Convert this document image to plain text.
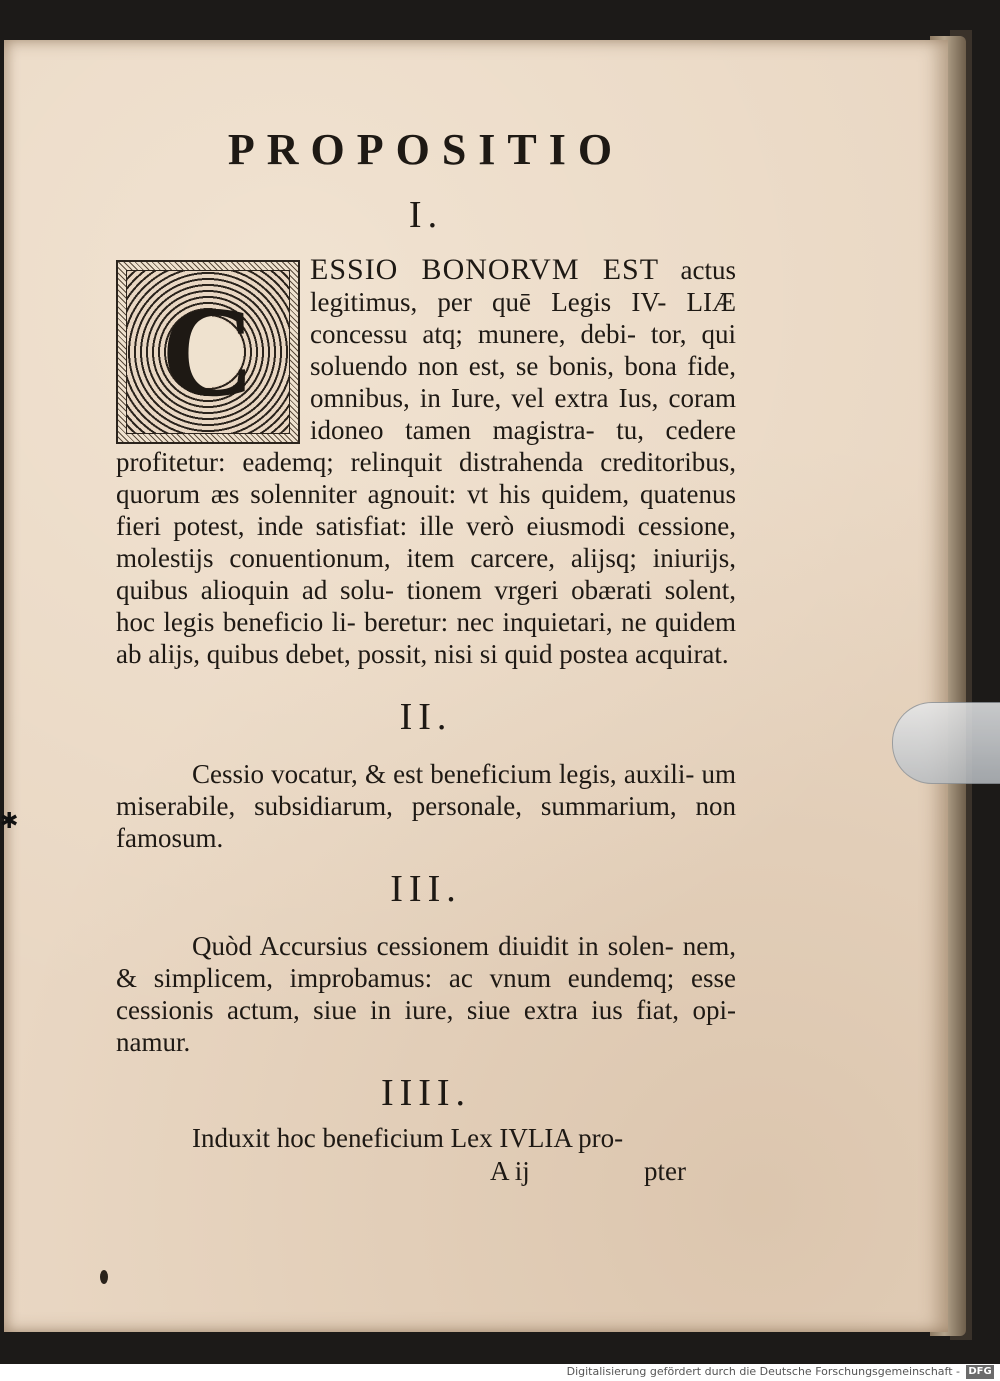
PROPOSITIO

I.

C

ESSIO BONORVM EST actus legitimus, per quē Legis IV- LIÆ concessu atq; munere, debi- tor, qui soluendo non est, se bonis, bona fide, omnibus, in Iure, vel extra Ius, coram idoneo tamen magistra- tu, cedere profitetur: eademq; relinquit distrahenda creditoribus, quorum æs solenniter agnouit: vt his quidem, quatenus fieri potest, inde satisfiat: ille verò eiusmodi cessione, molestijs conuentionum, item carcere, alijsq; iniurijs, quibus alioquin ad solu- tionem vrgeri obærati solent, hoc legis beneficio li- beretur: nec inquietari, ne quidem ab alijs, quibus debet, possit, nisi si quid postea acquirat.

II.

Cessio vocatur, & est beneficium legis, auxili- um miserabile, subsidiarum, personale, summarium, non famosum.

III.

Quòd Accursius cessionem diuidit in solen- nem, & simplicem, improbamus: ac vnum eundemq; esse cessionis actum, siue in iure, siue extra ius fiat, opi- namur.

IIII.

Induxit hoc beneficium Lex IVLIA pro-

A ij	pter
✱
Digitalisierung gefördert durch die Deutsche Forschungsgemeinschaft - DFG
